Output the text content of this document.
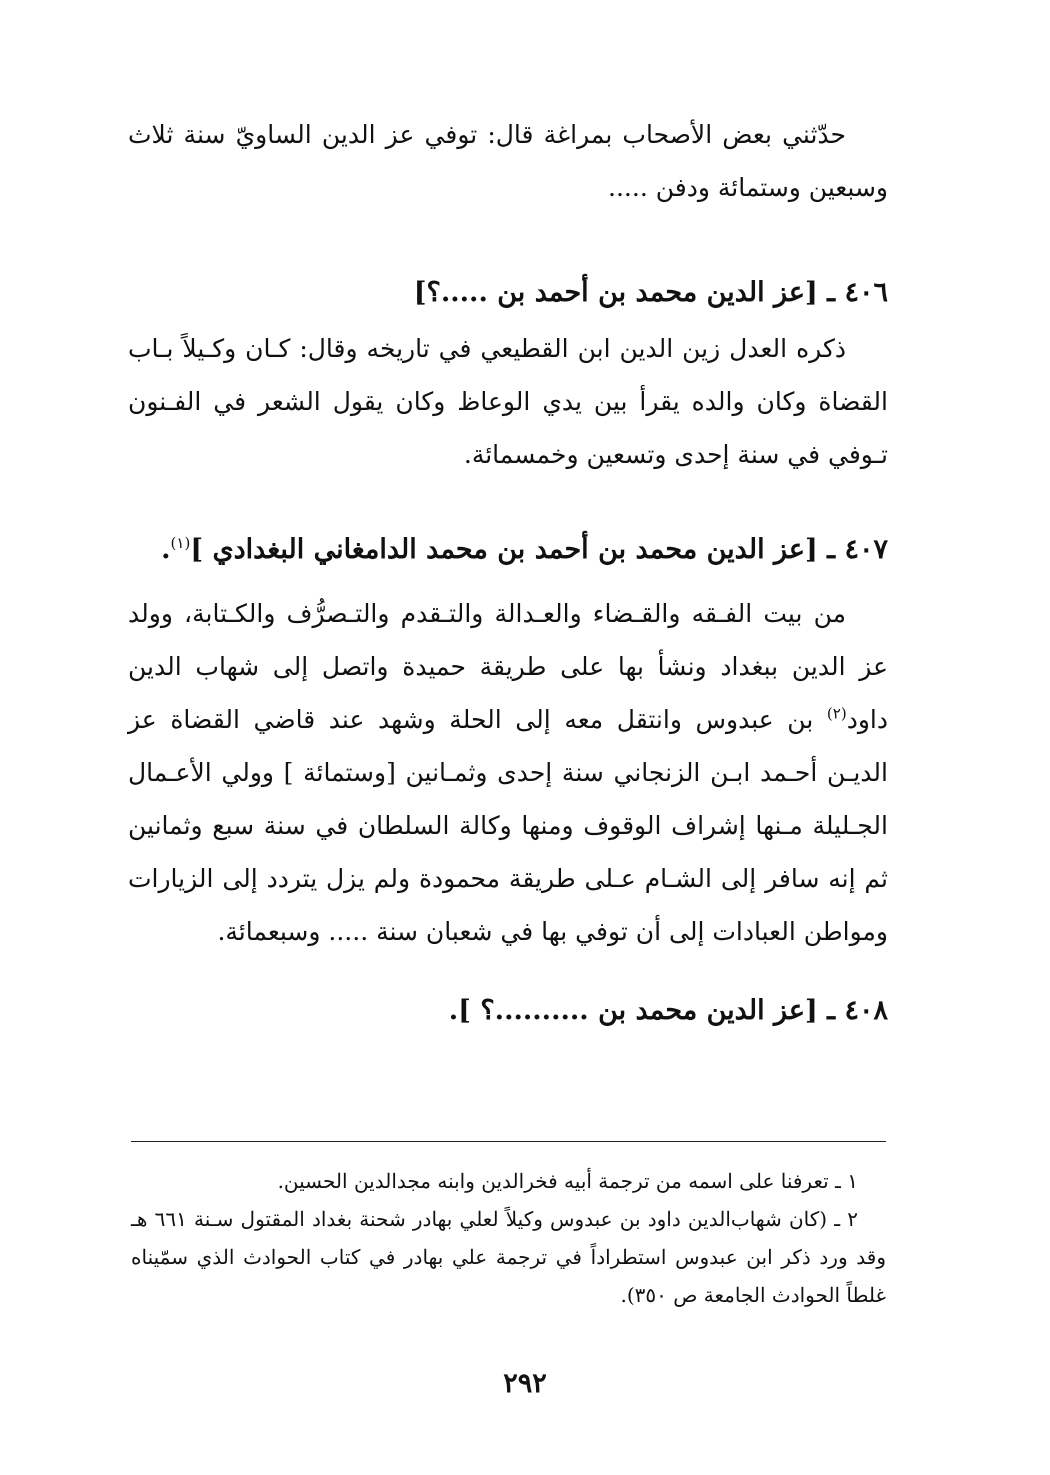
حدّثني بعض الأصحاب بمراغة قال: توفي عز الدين الساويّ سنة ثلاث وسبعين وستمائة ودفن .....

٤٠٦ ـ [عز الدين محمد بن أحمد بن .....؟]

ذكره العدل زين الدين ابن القطيعي في تاريخه وقال: كـان وكـيلاً بـاب القضاة وكان والده يقرأ بين يدي الوعاظ وكان يقول الشعر في الفـنون تـوفي في سنة إحدى وتسعين وخمسمائة.

٤٠٧ ـ [عز الدين محمد بن أحمد بن محمد الدامغاني البغدادي ]$^{(١)}$.

من بيت الفـقه والقـضاء والعـدالة والتـقدم والتـصرُّف والكـتابة، وولد عز الدين ببغداد ونشأ بها على طريقة حميدة واتصل إلى شهاب الدين داود$^{(٢)}$ بن عبدوس وانتقل معه إلى الحلة وشهد عند قاضي القضاة عز الديـن أحـمد ابـن الزنجاني سنة إحدى وثمـانين [وستمائة ] وولي الأعـمال الجـليلة مـنها إشراف الوقوف ومنها وكالة السلطان في سنة سبع وثمانين ثم إنه سافر إلى الشـام عـلى طريقة محمودة ولم يزل يتردد إلى الزيارات ومواطن العبادات إلى أن توفي بها في شعبان سنة ..... وسبعمائة.

٤٠٨ ـ [عز الدين محمد بن ..........؟ ].

١ ـ تعرفنا على اسمه من ترجمة أبيه فخرالدين وابنه مجدالدين الحسين.

٢ ـ (كان شهاب‌الدين داود بن عبدوس وكيلاً لعلي بهادر شحنة بغداد المقتول سـنة ٦٦١ هـ وقد ورد ذكر ابن عبدوس استطراداً في ترجمة علي بهادر في كتاب الحوادث الذي سمّيناه غلطاً الحوادث الجامعة ص ٣٥٠).

٢٩٢
